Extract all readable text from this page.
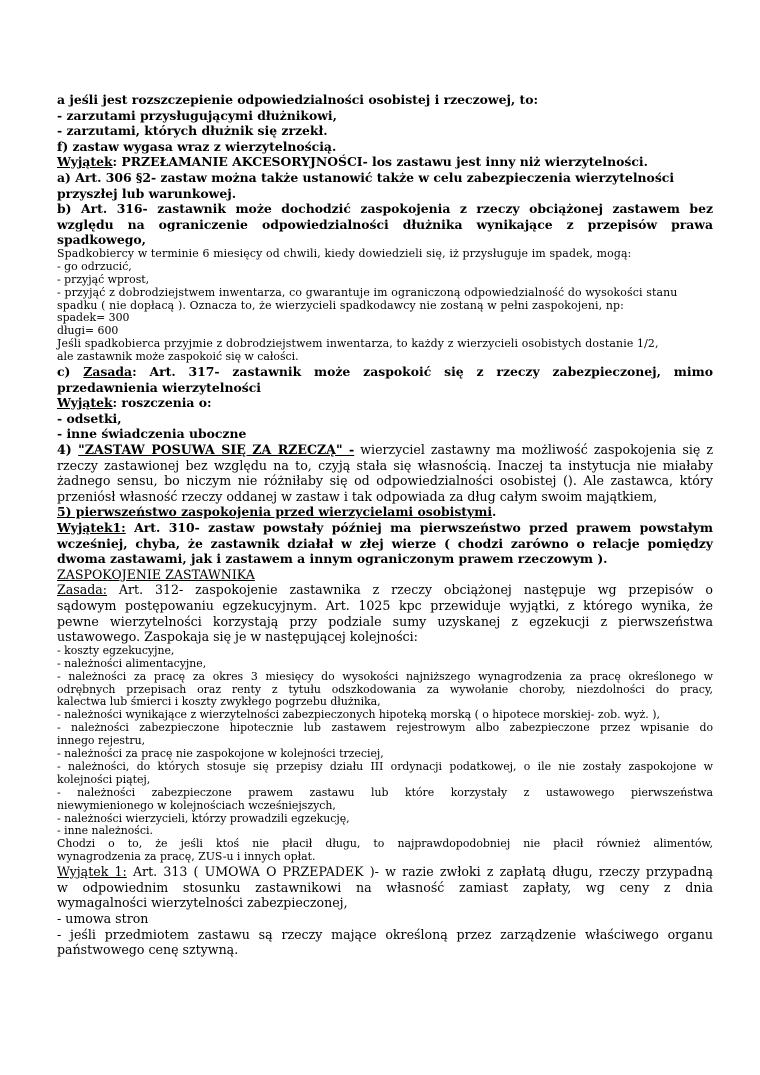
a jeśli jest rozszczepienie odpowiedzialności osobistej i rzeczowej, to:
- zarzutami przysługującymi dłużnikowi,
- zarzutami, których dłużnik się zrzekł.
f) zastaw wygasa wraz z wierzytelnością.
Wyjątek: PRZEŁAMANIE AKCESORYJNOŚCI- los zastawu jest inny niż wierzytelności.
a) Art. 306 §2- zastaw można także ustanowić także w celu zabezpieczenia wierzytelności
przyszłej lub warunkowej.
b) Art. 316- zastawnik może dochodzić zaspokojenia z rzeczy obciążonej zastawem bez
względu na ograniczenie odpowiedzialności dłużnika wynikające z przepisów prawa
spadkowego,
Spadkobiercy w terminie 6 miesięcy od chwili, kiedy dowiedzieli się, iż przysługuje im spadek, mogą:
- go odrzucić,
- przyjąć wprost,
- przyjąć z dobrodziejstwem inwentarza, co gwarantuje im ograniczoną odpowiedzialność do wysokości stanu
spadku ( nie dopłacą ). Oznacza to, że wierzycieli spadkodawcy nie zostaną w pełni zaspokojeni, np:
spadek= 300
długi= 600
Jeśli spadkobierca przyjmie z dobrodziejstwem inwentarza, to każdy z wierzycieli osobistych dostanie 1/2,
ale zastawnik może zaspokoić się w całości.
c) Zasada: Art. 317- zastawnik może zaspokoić się z rzeczy zabezpieczonej, mimo
przedawnienia wierzytelności
Wyjątek: roszczenia o:
- odsetki,
- inne świadczenia uboczne
4) "ZASTAW POSUWA SIĘ ZA RZECZĄ" - wierzyciel zastawny ma możliwość zaspokojenia się z
rzeczy zastawionej bez względu na to, czyją stała się własnością. Inaczej ta instytucja nie miałaby
żadnego sensu, bo niczym nie różniłaby się od odpowiedzialności osobistej (). Ale zastawca, który
przeniósł własność rzeczy oddanej w zastaw i tak odpowiada za dług całym swoim majątkiem,
5) pierwszeństwo zaspokojenia przed wierzycielami osobistymi.
Wyjątek1: Art. 310- zastaw powstały później ma pierwszeństwo przed prawem powstałym
wcześniej, chyba, że zastawnik działał w złej wierze ( chodzi zarówno o relacje pomiędzy
dwoma zastawami, jak i zastawem a innym ograniczonym prawem rzeczowym ).
ZASPOKOJENIE ZASTAWNIKA
Zasada: Art. 312- zaspokojenie zastawnika z rzeczy obciążonej następuje wg przepisów o
sądowym postępowaniu egzekucyjnym. Art. 1025 kpc przewiduje wyjątki, z którego wynika, że
pewne wierzytelności korzystają przy podziale sumy uzyskanej z egzekucji z pierwszeństwa
ustawowego. Zaspokaja się je w następującej kolejności:
- koszty egzekucyjne,
- należności alimentacyjne,
- należności za pracę za okres 3 miesięcy do wysokości najniższego wynagrodzenia za pracę określonego w
odrębnych przepisach oraz renty z tytułu odszkodowania za wywołanie choroby, niezdolności do pracy,
kalectwa lub śmierci i koszty zwykłego pogrzebu dłużnika,
- należności wynikające z wierzytelności zabezpieczonych hipoteką morską ( o hipotece morskiej- zob. wyż. ),
- należności zabezpieczone hipotecznie lub zastawem rejestrowym albo zabezpieczone przez wpisanie do
innego rejestru,
- należności za pracę nie zaspokojone w kolejności trzeciej,
- należności, do których stosuje się przepisy działu III ordynacji podatkowej, o ile nie zostały zaspokojone w
kolejności piątej,
- należności zabezpieczone prawem zastawu lub które korzystały z ustawowego pierwszeństwa
niewymienionego w kolejnościach wcześniejszych,
- należności wierzycieli, którzy prowadzili egzekucję,
- inne należności.
Chodzi o to, że jeśli ktoś nie płacił długu, to najprawdopodobniej nie płacił również alimentów,
wynagrodzenia za pracę, ZUS-u i innych opłat.
Wyjątek 1: Art. 313 ( UMOWA O PRZEPADEK )- w razie zwłoki z zapłatą długu, rzeczy przypadną
w odpowiednim stosunku zastawnikowi na własność zamiast zapłaty, wg ceny z dnia
wymagalności wierzytelności zabezpieczonej,
- umowa stron
- jeśli przedmiotem zastawu są rzeczy mające określoną przez zarządzenie właściwego organu
państwowego cenę sztywną.
